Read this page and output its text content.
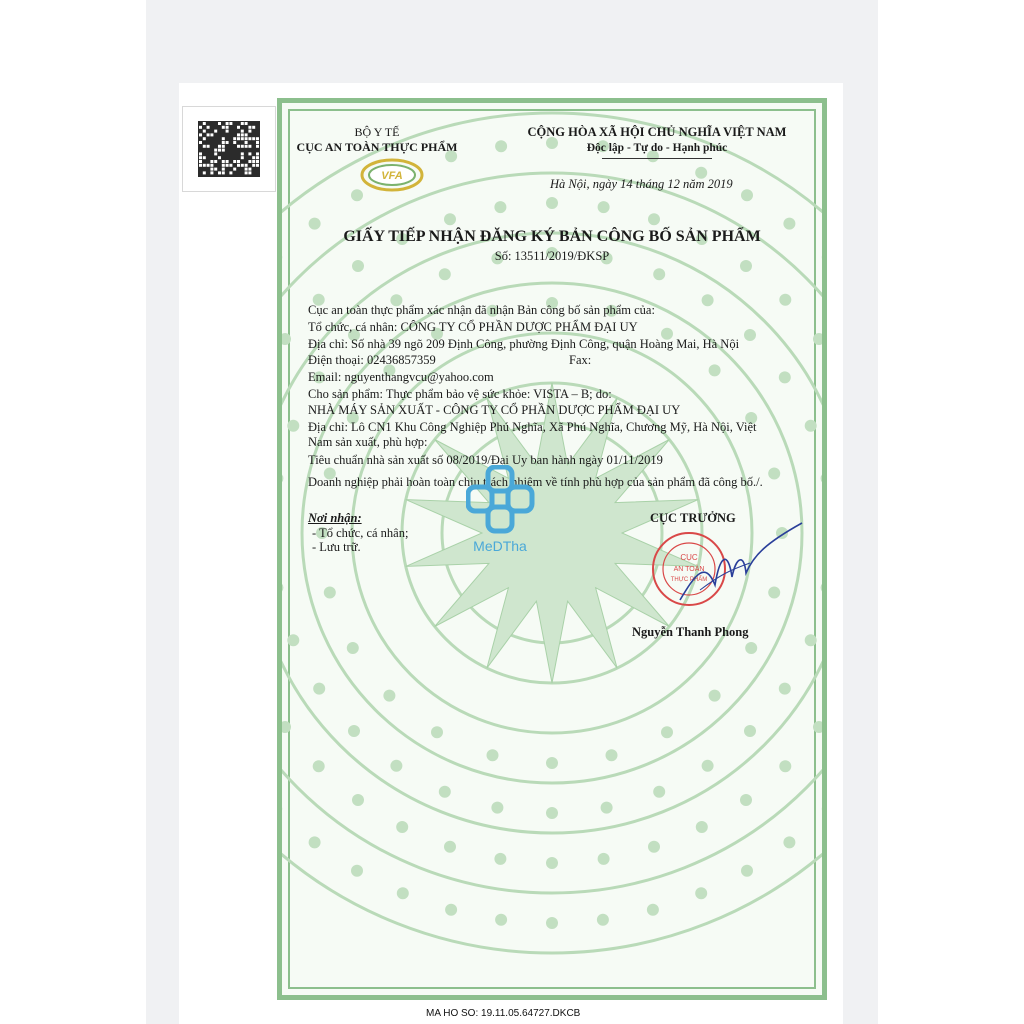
BỘ Y TẾ
CỤC AN TOÀN THỰC PHẨM
VFA
CỘNG HÒA XÃ HỘI CHỦ NGHĨA VIỆT NAM
Độc lập - Tự do - Hạnh phúc
Hà Nội, ngày 14 tháng 12 năm 2019
GIẤY TIẾP NHẬN ĐĂNG KÝ BẢN CÔNG BỐ SẢN PHẨM
Số: 13511/2019/ĐKSP
Cục an toàn thực phẩm xác nhận đã nhận Bản công bố sản phẩm của:
Tổ chức, cá nhân: CÔNG TY CỔ PHẦN DƯỢC PHẨM ĐẠI UY
Địa chỉ: Số nhà 39 ngõ 209 Định Công, phường Định Công, quận Hoàng Mai, Hà Nội
Điện thoại: 02436857359	Fax:
Email: nguyenthangvcu@yahoo.com
Cho sản phẩm: Thực phẩm bảo vệ sức khỏe: VISTA – B; do:
NHÀ MÁY SẢN XUẤT - CÔNG TY CỔ PHẦN DƯỢC PHẨM ĐẠI UY
Địa chỉ: Lô CN1 Khu Công Nghiệp Phú Nghĩa, Xã Phú Nghĩa, Chương Mỹ, Hà Nội, Việt
Nam sản xuất, phù hợp:
Tiêu chuẩn nhà sản xuất số 08/2019/Đại Uy ban hành ngày 01/11/2019
Doanh nghiệp phải hoàn toàn chịu trách nhiệm về tính phù hợp của sản phẩm đã công bố./.
Nơi nhận:
- Tổ chức, cá nhân;
- Lưu trữ.
CỤC TRƯỞNG
Nguyễn Thanh Phong
CỤC
AN TOÀN
THỰC PHẨM
MeDTha
MA HO SO: 19.11.05.64727.DKCB
